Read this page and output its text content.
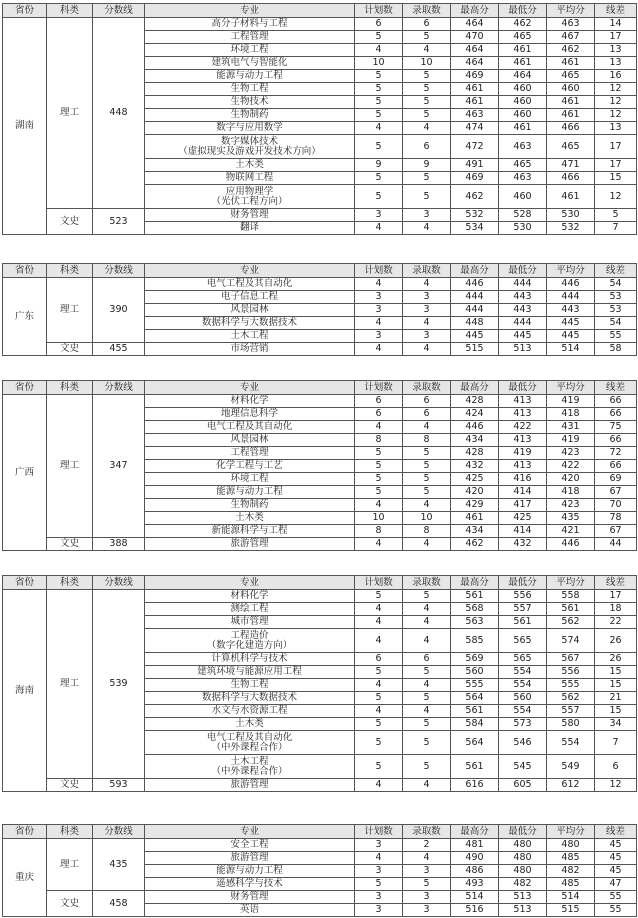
省份	科类	分数线	专业	计划数	录取数	最高分	最低分	平均分	线差
湖南	理工	448	高分子材料与工程	6	6	464	462	463	14
			工程管理	5	5	470	465	467	17
			环境工程	4	4	464	461	462	13
			建筑电气与智能化	10	10	464	461	461	13
			能源与动力工程	5	5	469	464	465	16
			生物工程	5	5	461	460	460	12
			生物技术	5	5	461	460	461	12
			生物制药	5	5	463	460	461	12
			数字与应用数学	4	4	474	461	466	13
			数字媒体技术
（虚拟现实及游戏开发技术方向）	5	6	472	463	465	17
			土木类	9	9	491	465	471	17
			物联网工程	5	5	469	463	466	15
			应用物理学
（光伏工程方向）	5	5	462	460	461	12
	文史	523	财务管理	3	3	532	528	530	5
			翻译	4	4	534	530	532	7
省份	科类	分数线	专业	计划数	录取数	最高分	最低分	平均分	线差
广东	理工	390	电气工程及其自动化	4	4	446	444	446	54
			电子信息工程	3	3	444	443	444	53
			风景园林	3	3	444	443	443	53
			数据科学与大数据技术	4	4	448	444	445	54
			土木工程	3	3	445	445	445	55
	文史	455	市场营销	4	4	515	513	514	58
省份	科类	分数线	专业	计划数	录取数	最高分	最低分	平均分	线差
广西	理工	347	材料化学	6	6	428	413	419	66
			地理信息科学	6	6	424	413	418	66
			电气工程及其自动化	4	4	446	422	431	75
			风景园林	8	8	434	413	419	66
			工程管理	5	5	428	419	423	72
			化学工程与工艺	5	5	432	413	422	66
			环境工程	5	5	425	416	420	69
			能源与动力工程	5	5	420	414	418	67
			生物制药	4	4	429	417	423	70
			土木类	10	10	461	425	435	78
			新能源科学与工程	8	8	434	414	421	67
	文史	388	旅游管理	4	4	462	432	446	44
省份	科类	分数线	专业	计划数	录取数	最高分	最低分	平均分	线差
海南	理工	539	材料化学	5	5	561	556	558	17
			测绘工程	4	4	568	557	561	18
			城市管理	4	4	563	561	562	22
			工程造价
（数字化建造方向）	4	4	585	565	574	26
			计算机科学与技术	6	6	569	565	567	26
			建筑环境与能源应用工程	5	5	560	554	556	15
			生物工程	4	4	555	554	555	15
			数据科学与大数据技术	5	5	564	560	562	21
			水文与水资源工程	4	4	561	554	557	15
			土木类	5	5	584	573	580	34
			电气工程及其自动化
（中外课程合作）	5	5	564	546	554	7
			土木工程
（中外课程合作）	5	5	561	545	549	6
	文史	593	旅游管理	4	4	616	605	612	12
省份	科类	分数线	专业	计划数	录取数	最高分	最低分	平均分	线差
重庆	理工	435	安全工程	3	2	481	480	480	45
			旅游管理	4	4	490	480	485	45
			能源与动力工程	3	3	486	480	482	45
			遥感科学与技术	5	5	493	482	485	47
	文史	458	财务管理	3	3	514	513	514	55
			英语	3	3	516	513	515	55
